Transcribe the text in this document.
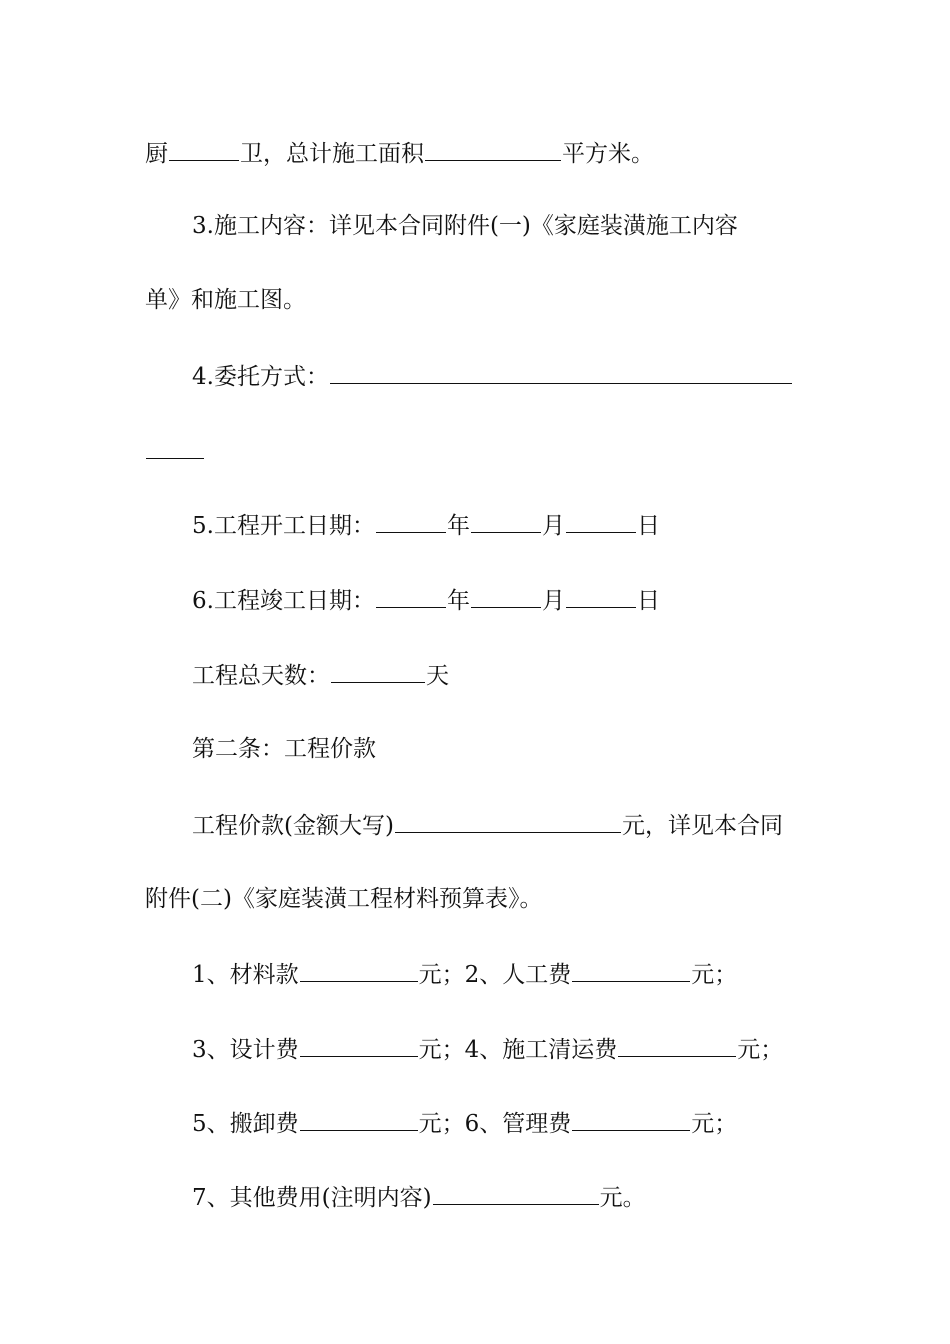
厨	卫，总计施工面积	平方米。
3.施工内容：详见本合同附件(一)《家庭装潢施工内容
单》和施工图。
4.委托方式：
5.工程开工日期：	年	月	日
6.工程竣工日期：	年	月	日
工程总天数：	天
第二条：工程价款
工程价款(金额大写)	元，详见本合同
附件(二)《家庭装潢工程材料预算表》。
1、材料款	元；2、人工费	元；
3、设计费	元；4、施工清运费	元；
5、搬卸费	元；6、管理费	元；
7、其他费用(注明内容)	元。
